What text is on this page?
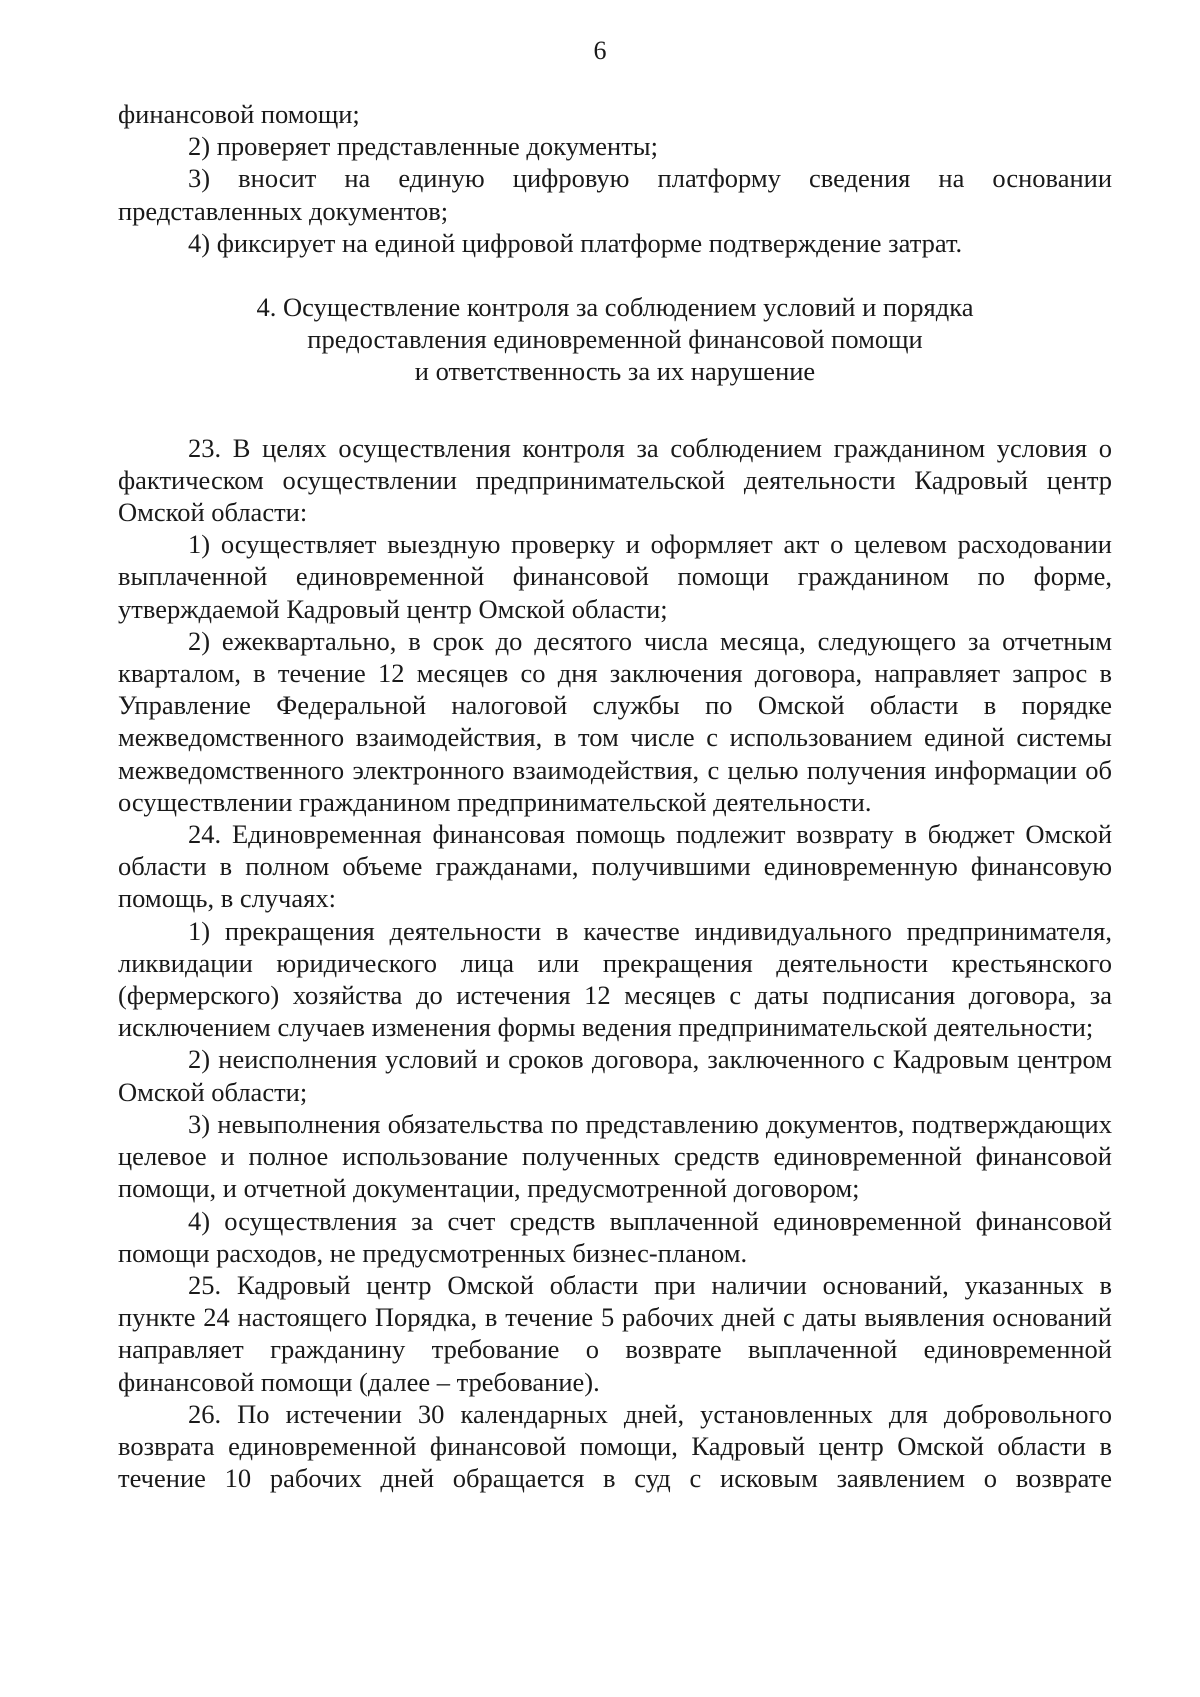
6

финансовой помощи;

2) проверяет представленные документы;

3) вносит на единую цифровую платформу сведения на основании

представленных документов;

4) фиксирует на единой цифровой платформе подтверждение затрат.

4. Осуществление контроля за соблюдением условий и порядка
предоставления единовременной финансовой помощи
и ответственность за их нарушение

23. В целях осуществления контроля за соблюдением гражданином условия о фактическом осуществлении предпринимательской деятельности Кадровый центр Омской области:

1) осуществляет выездную проверку и оформляет акт о целевом расходовании выплаченной единовременной финансовой помощи гражданином по форме, утверждаемой Кадровый центр Омской области;

2) ежеквартально, в срок до десятого числа месяца, следующего за отчетным кварталом, в течение 12 месяцев со дня заключения договора, направляет запрос в Управление Федеральной налоговой службы по Омской области в порядке межведомственного взаимодействия, в том числе с использованием единой системы межведомственного электронного взаимодействия, с целью получения информации об осуществлении гражданином предпринимательской деятельности.

24. Единовременная финансовая помощь подлежит возврату в бюджет Омской области в полном объеме гражданами, получившими единовременную финансовую помощь, в случаях:

1) прекращения деятельности в качестве индивидуального предпринимателя, ликвидации юридического лица или прекращения деятельности крестьянского (фермерского) хозяйства до истечения 12 месяцев с даты подписания договора, за исключением случаев изменения формы ведения предпринимательской деятельности;

2) неисполнения условий и сроков договора, заключенного с Кадровым центром Омской области;

3) невыполнения обязательства по представлению документов, подтверждающих целевое и полное использование полученных средств единовременной финансовой помощи, и отчетной документации, предусмотренной договором;

4) осуществления за счет средств выплаченной единовременной финансовой помощи расходов, не предусмотренных бизнес-планом.

25. Кадровый центр Омской области при наличии оснований, указанных в пункте 24 настоящего Порядка, в течение 5 рабочих дней с даты выявления оснований направляет гражданину требование о возврате выплаченной единовременной финансовой помощи (далее – требование).

26. По истечении 30 календарных дней, установленных для добровольного возврата единовременной финансовой помощи, Кадровый центр Омской области в течение 10 рабочих дней обращается в суд с исковым заявлением о возврате
